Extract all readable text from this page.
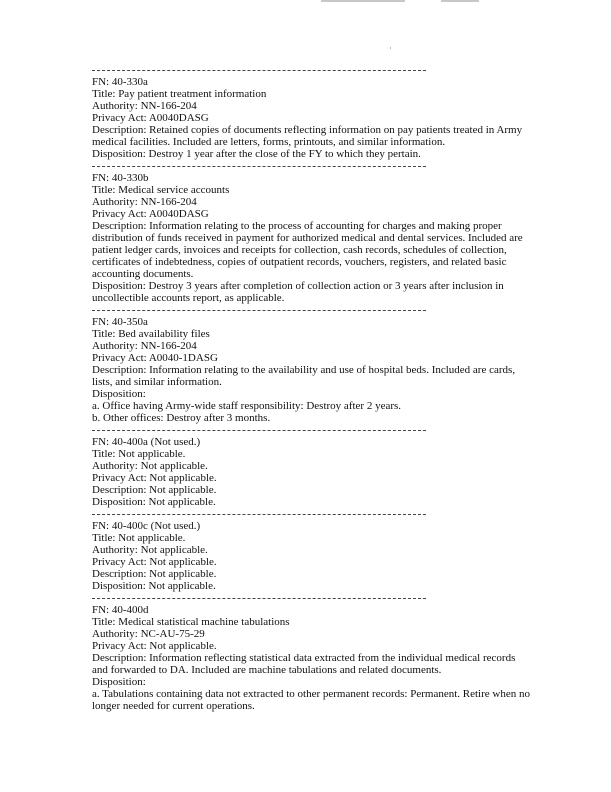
FN: 40-330a
Title: Pay patient treatment information
Authority: NN-166-204
Privacy Act: A0040DASG
Description: Retained copies of documents reflecting information on pay patients treated in Army
medical facilities. Included are letters, forms, printouts, and similar information.
Disposition: Destroy 1 year after the close of the FY to which they pertain.
FN: 40-330b
Title: Medical service accounts
Authority: NN-166-204
Privacy Act: A0040DASG
Description: Information relating to the process of accounting for charges and making proper
distribution of funds received in payment for authorized medical and dental services. Included are
patient ledger cards, invoices and receipts for collection, cash records, schedules of collection,
certificates of indebtedness, copies of outpatient records, vouchers, registers, and related basic
accounting documents.
Disposition: Destroy 3 years after completion of collection action or 3 years after inclusion in
uncollectible accounts report, as applicable.
FN: 40-350a
Title: Bed availability files
Authority: NN-166-204
Privacy Act: A0040-1DASG
Description: Information relating to the availability and use of hospital beds. Included are cards,
lists, and similar information.
Disposition:
a. Office having Army-wide staff responsibility: Destroy after 2 years.
b. Other offices: Destroy after 3 months.
FN: 40-400a (Not used.)
Title: Not applicable.
Authority: Not applicable.
Privacy Act: Not applicable.
Description: Not applicable.
Disposition: Not applicable.
FN: 40-400c (Not used.)
Title: Not applicable.
Authority: Not applicable.
Privacy Act: Not applicable.
Description: Not applicable.
Disposition: Not applicable.
FN: 40-400d
Title: Medical statistical machine tabulations
Authority: NC-AU-75-29
Privacy Act: Not applicable.
Description: Information reflecting statistical data extracted from the individual medical records
and forwarded to DA. Included are machine tabulations and related documents.
Disposition:
a. Tabulations containing data not extracted to other permanent records: Permanent. Retire when no
longer needed for current operations.
